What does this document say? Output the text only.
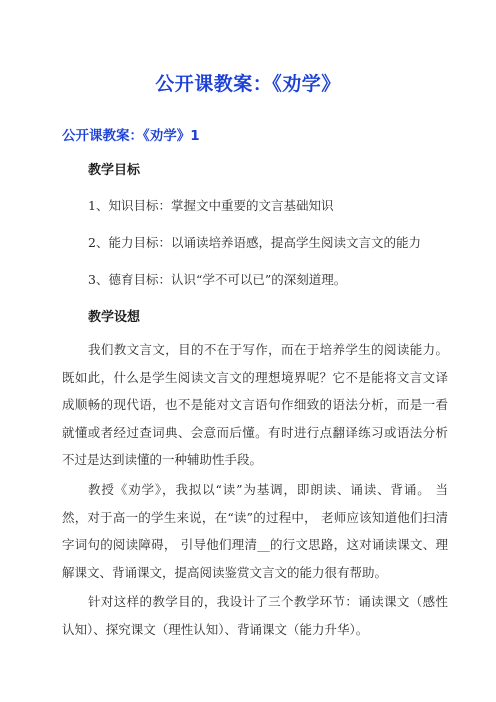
公开课教案：《劝学》
公开课教案：《劝学》1
教学目标
1、知识目标：掌握文中重要的文言基础知识
2、能力目标：以诵读培养语感，提高学生阅读文言文的能力
3、德育目标：认识“学不可以已”的深刻道理。
教学设想

我们教文言文，目的不在于写作，而在于培养学生的阅读能力。既如此，什么是学生阅读文言文的理想境界呢？它不是能将文言文译成顺畅的现代语，也不是能对文言语句作细致的语法分析，而是一看就懂或者经过查词典、会意而后懂。有时进行点翻译练习或语法分析不过是达到读懂的一种辅助性手段。

教授《劝学》，我拟以“读”为基调，即朗读、诵读、背诵。 当然，对于高一的学生来说，在“读”的过程中， 老师应该知道他们扫清字词句的阅读障碍， 引导他们理清__的行文思路，这对诵读课文、理解课文、背诵课文，提高阅读鉴赏文言文的能力很有帮助。

针对这样的教学目的，我设计了三个教学环节：诵读课文（感性认知）、探究课文（理性认知）、背诵课文（能力升华）。
